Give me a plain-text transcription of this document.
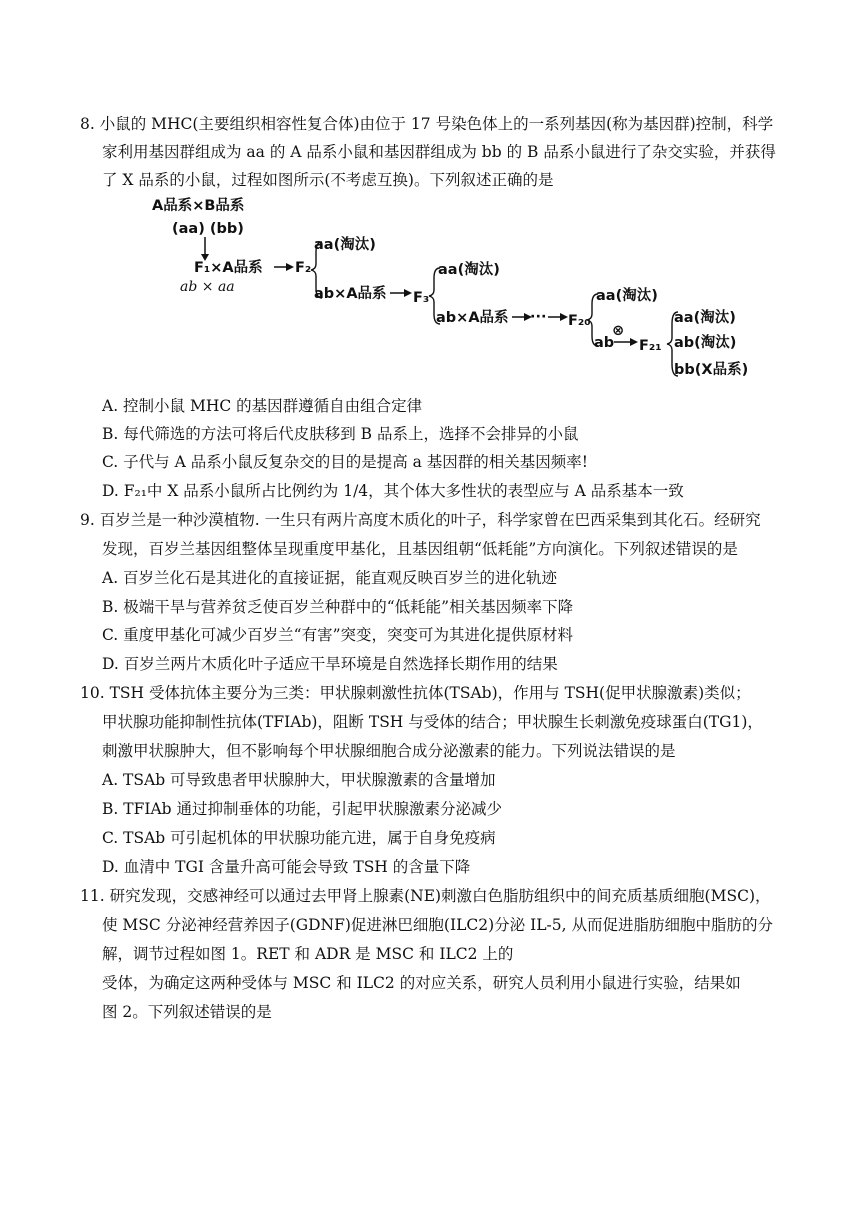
8. 小鼠的 MHC(主要组织相容性复合体)由位于 17 号染色体上的一系列基因(称为基因群)控制，科学
家利用基因群组成为 aa 的 A 品系小鼠和基因群组成为 bb 的 B 品系小鼠进行了杂交实验，并获得
了 X 品系的小鼠，过程如图所示(不考虑互换)。下列叙述正确的是
A品系×B品系
(aa) (bb)
F₁×A品系
ab × aa
F₂
aa(淘汰)
ab×A品系 F₃
aa(淘汰)
ab×A品系 ··· F₂₀
aa(淘汰)
ab
⊗
F₂₁
aa(淘汰)
ab(淘汰)
bb(X品系)
A. 控制小鼠 MHC 的基因群遵循自由组合定律
B. 每代筛选的方法可将后代皮肤移到 B 品系上，选择不会排异的小鼠
C. 子代与 A 品系小鼠反复杂交的目的是提高 a 基因群的相关基因频率!
D. F₂₁中 X 品系小鼠所占比例约为 1/4，其个体大多性状的表型应与 A 品系基本一致
9. 百岁兰是一种沙漠植物. 一生只有两片高度木质化的叶子，科学家曾在巴西采集到其化石。经研究
发现，百岁兰基因组整体呈现重度甲基化，且基因组朝“低耗能”方向演化。下列叙述错误的是
A. 百岁兰化石是其进化的直接证据，能直观反映百岁兰的进化轨迹
B. 极端干旱与营养贫乏使百岁兰种群中的“低耗能”相关基因频率下降
C. 重度甲基化可减少百岁兰“有害”突变，突变可为其进化提供原材料
D. 百岁兰两片木质化叶子适应干旱环境是自然选择长期作用的结果
10. TSH 受体抗体主要分为三类：甲状腺刺激性抗体(TSAb)，作用与 TSH(促甲状腺激素)类似；
甲状腺功能抑制性抗体(TFIAb)，阻断 TSH 与受体的结合；甲状腺生长刺激免疫球蛋白(TG1)，
刺激甲状腺肿大，但不影响每个甲状腺细胞合成分泌激素的能力。下列说法错误的是
A. TSAb 可导致患者甲状腺肿大，甲状腺激素的含量增加
B. TFIAb 通过抑制垂体的功能，引起甲状腺激素分泌减少
C. TSAb 可引起机体的甲状腺功能亢进，属于自身免疫病
D. 血清中 TGI 含量升高可能会导致 TSH 的含量下降
11. 研究发现，交感神经可以通过去甲肾上腺素(NE)刺激白色脂肪组织中的间充质基质细胞(MSC)，
使 MSC 分泌神经营养因子(GDNF)促进淋巴细胞(ILC2)分泌 IL-5, 从而促进脂肪细胞中脂肪的分
解，调节过程如图 1。RET 和 ADR 是 MSC 和 ILC2 上的
受体，为确定这两种受体与 MSC 和 ILC2 的对应关系，研究人员利用小鼠进行实验，结果如
图 2。下列叙述错误的是
